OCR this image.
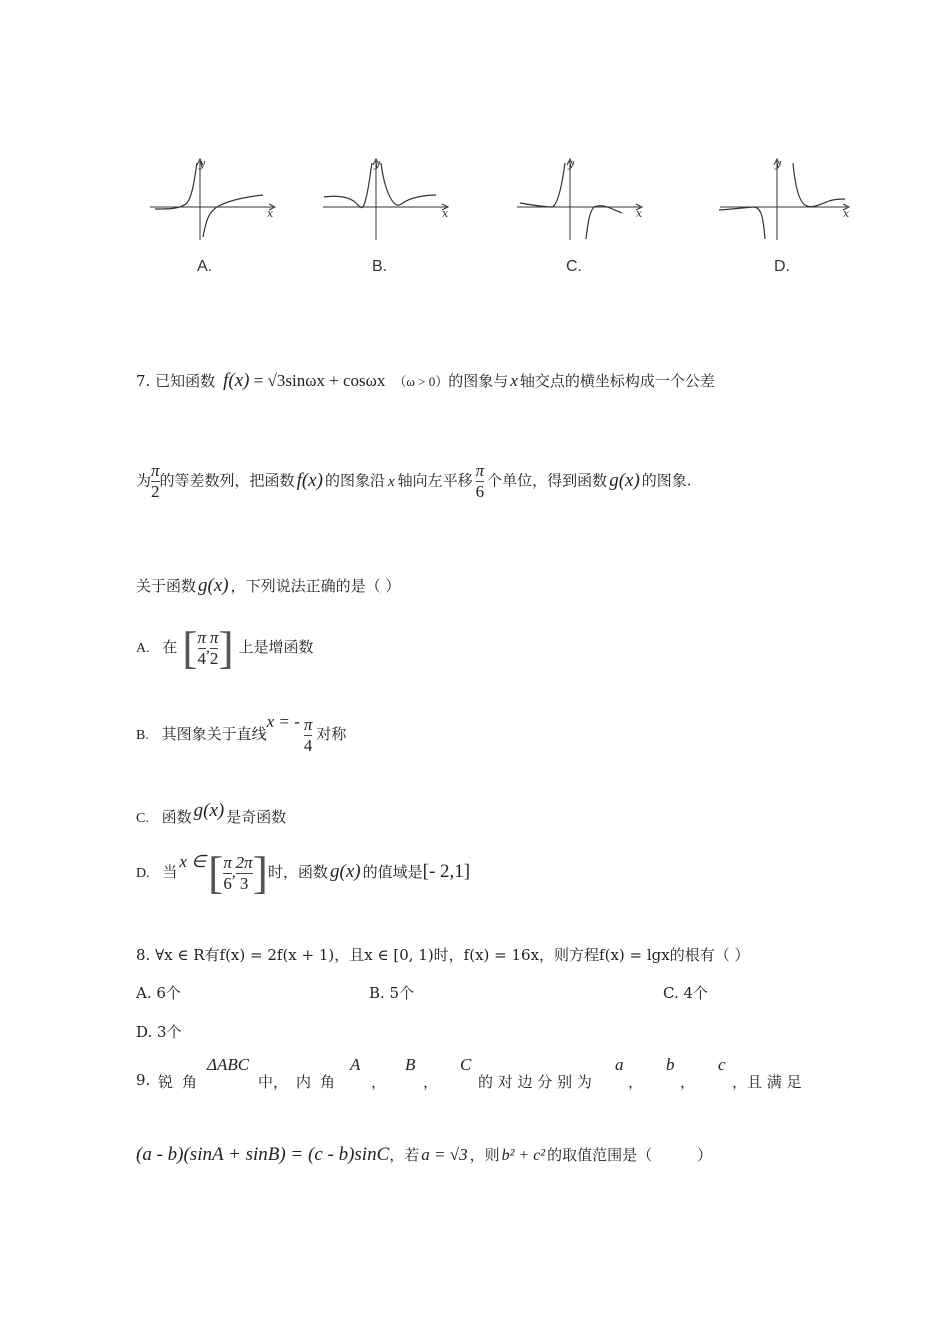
y
x
A.
y
x
B.
y
x
C.
y
x
D.
7. 已知函数 f(x) = √3sinωx + cosωx （ω > 0）的图象与 x 轴交点的横坐标构成一个公差
为 $\frac{\pi}{2}$ 的等差数列，把函数 f(x) 的图象沿 x 轴向左平移 $\frac{\pi}{6}$ 个单位，得到函数 g(x) 的图象.
关于函数 g(x) ，下列说法正确的是（ ）
A. 在 [ $\frac{\pi}{4}$ , $\frac{\pi}{2}$ ] 上是增函数
B. 其图象关于直线x = - $\frac{\pi}{4}$ 对称
C. 函数 g(x) 是奇函数
D. 当x ∈[ $\frac{\pi}{6}$ , $\frac{2\pi}{3}$ ]时，函数 g(x) 的值域是[- 2,1]
8. ∀x ∈ R有f(x) = 2f(x + 1)，且x ∈ [0, 1)时，f(x) = 16x，则方程f(x) = lgx的根有（ ）
A. 6个	B. 5个	C. 4个
D. 3个
9. 锐 角
ΔABC
中， 内 角
A
，
B
，
C
的 对 边 分 别 为
a
，
b
，
c
，且 满 足
(a - b)(sinA + sinB) = (c - b)sinC，若 a = √3 ，则 b² + c² 的取值范围是（　　　）
